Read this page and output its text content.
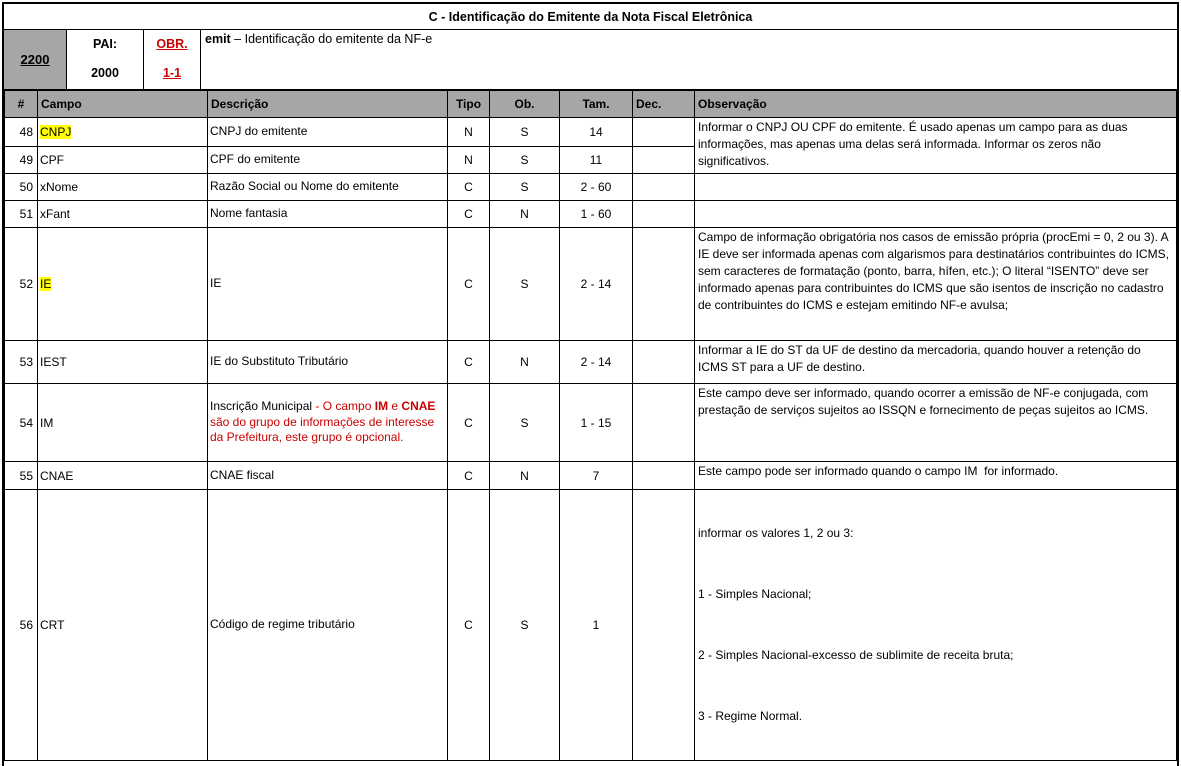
C - Identificação do Emitente da Nota Fiscal Eletrônica
2200
PAI:
2000
OBR.
1-1
emit – Identificação do emitente da NF-e
#	Campo	Descrição	Tipo	Ob.	Tam.	Dec.	Observação
48	CNPJ	CNPJ do emitente	N	S	14		Informar o CNPJ OU CPF do emitente. É usado apenas um campo para as duas informações, mas apenas uma delas será informada. Informar os zeros não significativos.
49	CPF	CPF do emitente	N	S	11		
50	xNome	Razão Social ou Nome do emitente	C	S	2 - 60		
51	xFant	Nome fantasia	C	N	1 - 60		
52	IE	IE	C	S	2 - 14		Campo de informação obrigatória nos casos de emissão própria (procEmi = 0, 2 ou 3). A IE deve ser informada apenas com algarismos para destinatários contribuintes do ICMS, sem caracteres de formatação (ponto, barra, hífen, etc.); O literal “ISENTO” deve ser informado apenas para contribuintes do ICMS que são isentos de inscrição no cadastro de contribuintes do ICMS e estejam emitindo NF-e avulsa;
53	IEST	IE do Substituto Tributário	C	N	2 - 14		Informar a IE do ST da UF de destino da mercadoria, quando houver a retenção do ICMS ST para a UF de destino.
54	IM	Inscrição Municipal - O campo IM e CNAE são do grupo de informações de interesse da Prefeitura, este grupo é opcional.	C	S	1 - 15		Este campo deve ser informado, quando ocorrer a emissão de NF-e conjugada, com prestação de serviços sujeitos ao ISSQN e fornecimento de peças sujeitos ao ICMS.
55	CNAE	CNAE fiscal	C	N	7		Este campo pode ser informado quando o campo IM  for informado.
56	CRT	Código de regime tributário	C	S	1		informar os valores 1, 2 ou 3:

1 - Simples Nacional;

2 - Simples Nacional-excesso de sublimite de receita bruta;

3 - Regime Normal.
